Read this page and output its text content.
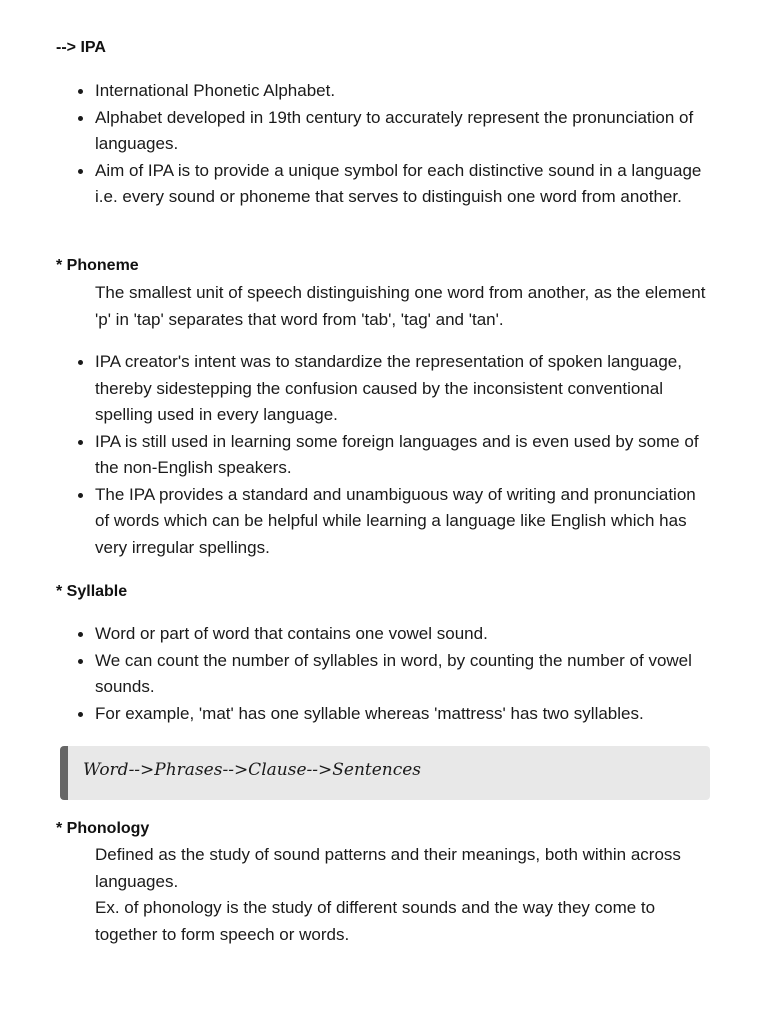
--> IPA
International Phonetic Alphabet.
Alphabet developed in 19th century to accurately represent the pronunciation of languages.
Aim of IPA is to provide a unique symbol for each distinctive sound in a language i.e. every sound or phoneme that serves to distinguish one word from another.
* Phoneme

The smallest unit of speech distinguishing one word from another, as the element 'p' in 'tap' separates that word from 'tab', 'tag' and 'tan'.

IPA creator's intent was to standardize the representation of spoken language, thereby sidestepping the confusion caused by the inconsistent conventional spelling used in every language.
IPA is still used in learning some foreign languages and is even used by some of the non-English speakers.
The IPA provides a standard and unambiguous way of writing and pronunciation of words which can be helpful while learning a language like English which has very irregular spellings.
* Syllable
Word or part of word that contains one vowel sound.
We can count the number of syllables in word, by counting the number of vowel sounds.
For example, 'mat' has one syllable whereas 'mattress' has two syllables.
Word-->Phrases-->Clause-->Sentences
* Phonology

Defined as the study of sound patterns and their meanings, both within across languages.

Ex. of phonology is the study of different sounds and the way they come to together to form speech or words.
